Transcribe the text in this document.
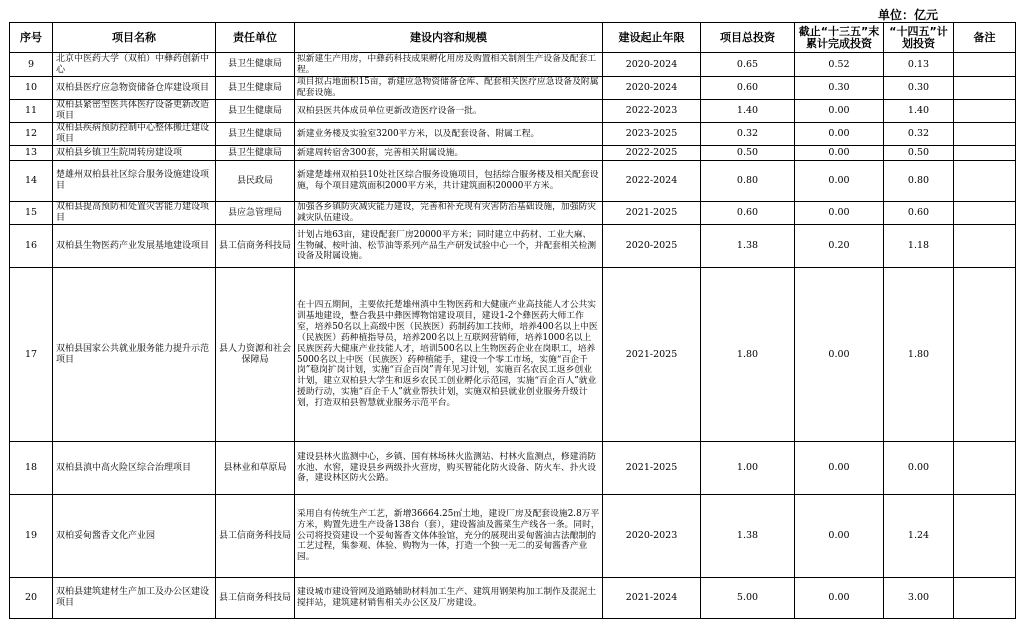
单位：亿元
序号	项目名称	责任单位	建设内容和规模	建设起止年限	项目总投资	截止“十三五”末累计完成投资	“十四五”计划投资	备注
9	北京中医药大学（双柏）中彝药创新中心	县卫生健康局	拟新建生产用房，中彝药科技成果孵化用房及购置相关制剂生产设备及配套工程。	2020-2024	0.65	0.52	0.13	
10	双柏县医疗应急物资储备仓库建设项目	县卫生健康局	项目拟占地面积15亩，新建应急物资储备仓库、配套相关医疗应急设备及附属配套设施。	2020-2024	0.60	0.30	0.30	
11	双柏县紧密型医共体医疗设备更新改造项目	县卫生健康局	双柏县医共体成员单位更新改造医疗设备一批。	2022-2023	1.40	0.00	1.40	
12	双柏县疾病预防控制中心整体搬迁建设项目	县卫生健康局	新建业务楼及实验室3200平方米，以及配套设备、附属工程。	2023-2025	0.32	0.00	0.32	
13	双柏县乡镇卫生院周转房建设项	县卫生健康局	新建周转宿舍300套，完善相关附属设施。	2022-2025	0.50	0.00	0.50	
14	楚雄州双柏县社区综合服务设施建设项目	县民政局	新建楚雄州双柏县10处社区综合服务设施项目，包括综合服务楼及相关配套设施，每个项目建筑面积2000平方米，共计建筑面积20000平方米。	2022-2024	0.80	0.00	0.80	
15	双柏县提高预防和处置灾害能力建设项目	县应急管理局	加强各乡镇防灾减灾能力建设，完善和补充现有灾害防治基础设施，加强防灾减灾队伍建设。	2021-2025	0.60	0.00	0.60	
16	双柏县生物医药产业发展基地建设项目	县工信商务科技局	计划占地63亩，建设配套厂房20000平方米；同时建立中药材、工业大麻、生物碱、桉叶油、松节油等系列产品生产研发试验中心一个，并配套相关检测设备及附属设施。	2020-2025	1.38	0.20	1.18	
17	双柏县国家公共就业服务能力提升示范项目	县人力资源和社会保障局	在十四五期间，主要依托楚雄州滇中生物医药和大健康产业高技能人才公共实训基地建设，整合我县中彝医博物馆建设项目，建设1-2个彝医药大师工作室，培养50名以上高级中医（民族医）药制药加工技师，培养400名以上中医（民族医）药种植指导员，培养200名以上互联网营销师，培养1000名以上民族医药大健康产业技能人才，培训500名以上生物医药企业在岗职工，培养5000名以上中医（民族医）药种植能手，建设一个零工市场，实施“百企千岗”稳岗扩岗计划，实施“百企百岗”青年见习计划，实施百名农民工返乡创业计划，建立双柏县大学生和返乡农民工创业孵化示范园，实施“百企百人”就业援助行动，实施“百企千人”就业帮扶计划，实施双柏县就业创业服务升级计划，打造双柏县智慧就业服务示范平台。	2021-2025	1.80	0.00	1.80	
18	双柏县滇中高火险区综合治理项目	县林业和草原局	建设县林火监测中心，乡镇、国有林场林火监测站、村林火监测点，修建消防水池、水窖，建设县乡两级扑火营房，购买智能化防火设备、防火车、扑火设备，建设林区防火公路。	2021-2025	1.00	0.00	0.00	
19	双柏妥甸酱香文化产业园	县工信商务科技局	采用自有传统生产工艺，新增36664.25㎡土地，建设厂房及配套设施2.8万平方米，购置先进生产设备138台（套），建设酱油及酱菜生产线各一条。同时，公司将投资建设一个妥甸酱香文体体验馆，充分的展现出妥甸酱油古法酿制的工艺过程，集参观、体验、购物为一体，打造一个独一无二的妥甸酱香产业园。	2020-2023	1.38	0.00	1.24	
20	双柏县建筑建材生产加工及办公区建设项目	县工信商务科技局	建设城市建设管网及道路辅助材料加工生产、建筑用钢架构加工制作及混泥土搅拌站，建筑建材销售相关办公区及厂房建设。	2021-2024	5.00	0.00	3.00	
